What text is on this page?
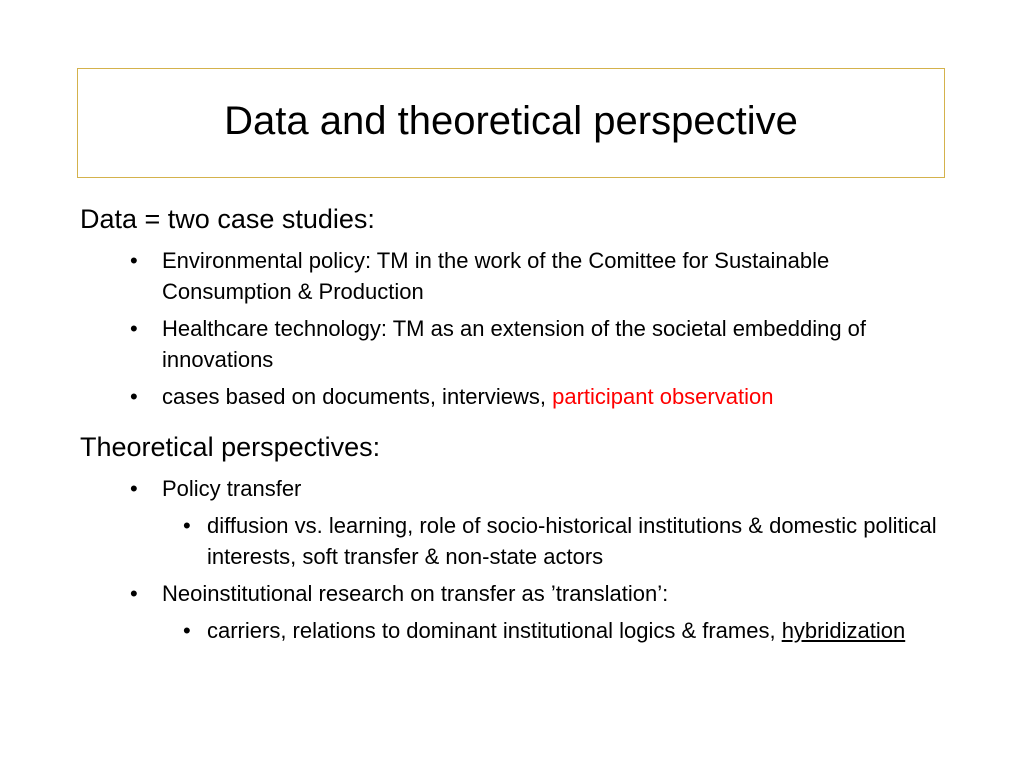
Data and theoretical perspective

Data = two case studies:

• Environmental policy: TM in the work of the Comittee for Sustainable Consumption & Production
• Healthcare technology: TM as an extension of the societal embedding of innovations
• cases based on documents, interviews, participant observation

Theoretical perspectives:

• Policy transfer
• diffusion vs. learning, role of socio-historical institutions & domestic political interests, soft transfer & non-state actors
• Neoinstitutional research on transfer as ’translation’:
• carriers, relations to dominant institutional logics & frames, hybridization
